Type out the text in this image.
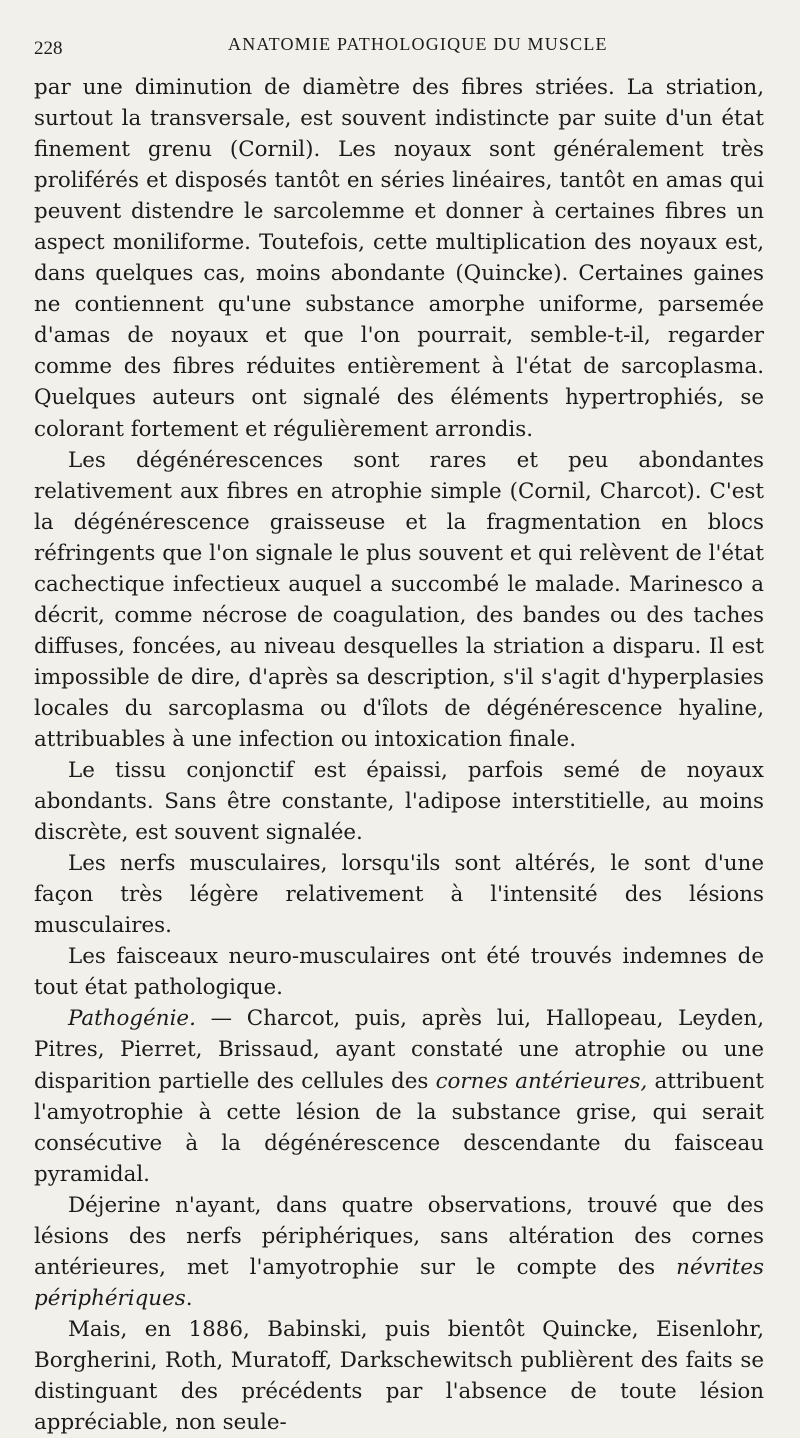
228	ANATOMIE PATHOLOGIQUE DU MUSCLE

par une diminution de diamètre des fibres striées. La striation, surtout la transversale, est souvent indistincte par suite d'un état finement grenu (Cornil). Les noyaux sont généralement très proliférés et disposés tantôt en séries linéaires, tantôt en amas qui peuvent distendre le sarcolemme et donner à certaines fibres un aspect moniliforme. Toutefois, cette multiplication des noyaux est, dans quelques cas, moins abondante (Quincke). Certaines gaines ne contiennent qu'une substance amorphe uniforme, parsemée d'amas de noyaux et que l'on pourrait, semble-t-il, regarder comme des fibres réduites entièrement à l'état de sarcoplasma. Quelques auteurs ont signalé des éléments hypertrophiés, se colorant fortement et régulièrement arrondis.

Les dégénérescences sont rares et peu abondantes relativement aux fibres en atrophie simple (Cornil, Charcot). C'est la dégénérescence graisseuse et la fragmentation en blocs réfringents que l'on signale le plus souvent et qui relèvent de l'état cachectique infectieux auquel a succombé le malade. Marinesco a décrit, comme nécrose de coagulation, des bandes ou des taches diffuses, foncées, au niveau desquelles la striation a disparu. Il est impossible de dire, d'après sa description, s'il s'agit d'hyperplasies locales du sarcoplasma ou d'îlots de dégénérescence hyaline, attribuables à une infection ou intoxication finale.

Le tissu conjonctif est épaissi, parfois semé de noyaux abondants. Sans être constante, l'adipose interstitielle, au moins discrète, est souvent signalée.

Les nerfs musculaires, lorsqu'ils sont altérés, le sont d'une façon très légère relativement à l'intensité des lésions musculaires.

Les faisceaux neuro-musculaires ont été trouvés indemnes de tout état pathologique.

Pathogénie. — Charcot, puis, après lui, Hallopeau, Leyden, Pitres, Pierret, Brissaud, ayant constaté une atrophie ou une disparition partielle des cellules des cornes antérieures, attribuent l'amyotrophie à cette lésion de la substance grise, qui serait consécutive à la dégénérescence descendante du faisceau pyramidal.

Déjerine n'ayant, dans quatre observations, trouvé que des lésions des nerfs périphériques, sans altération des cornes antérieures, met l'amyotrophie sur le compte des névrites périphériques.

Mais, en 1886, Babinski, puis bientôt Quincke, Eisenlohr, Borgherini, Roth, Muratoff, Darkschewitsch publièrent des faits se distinguant des précédents par l'absence de toute lésion appréciable, non seule-
